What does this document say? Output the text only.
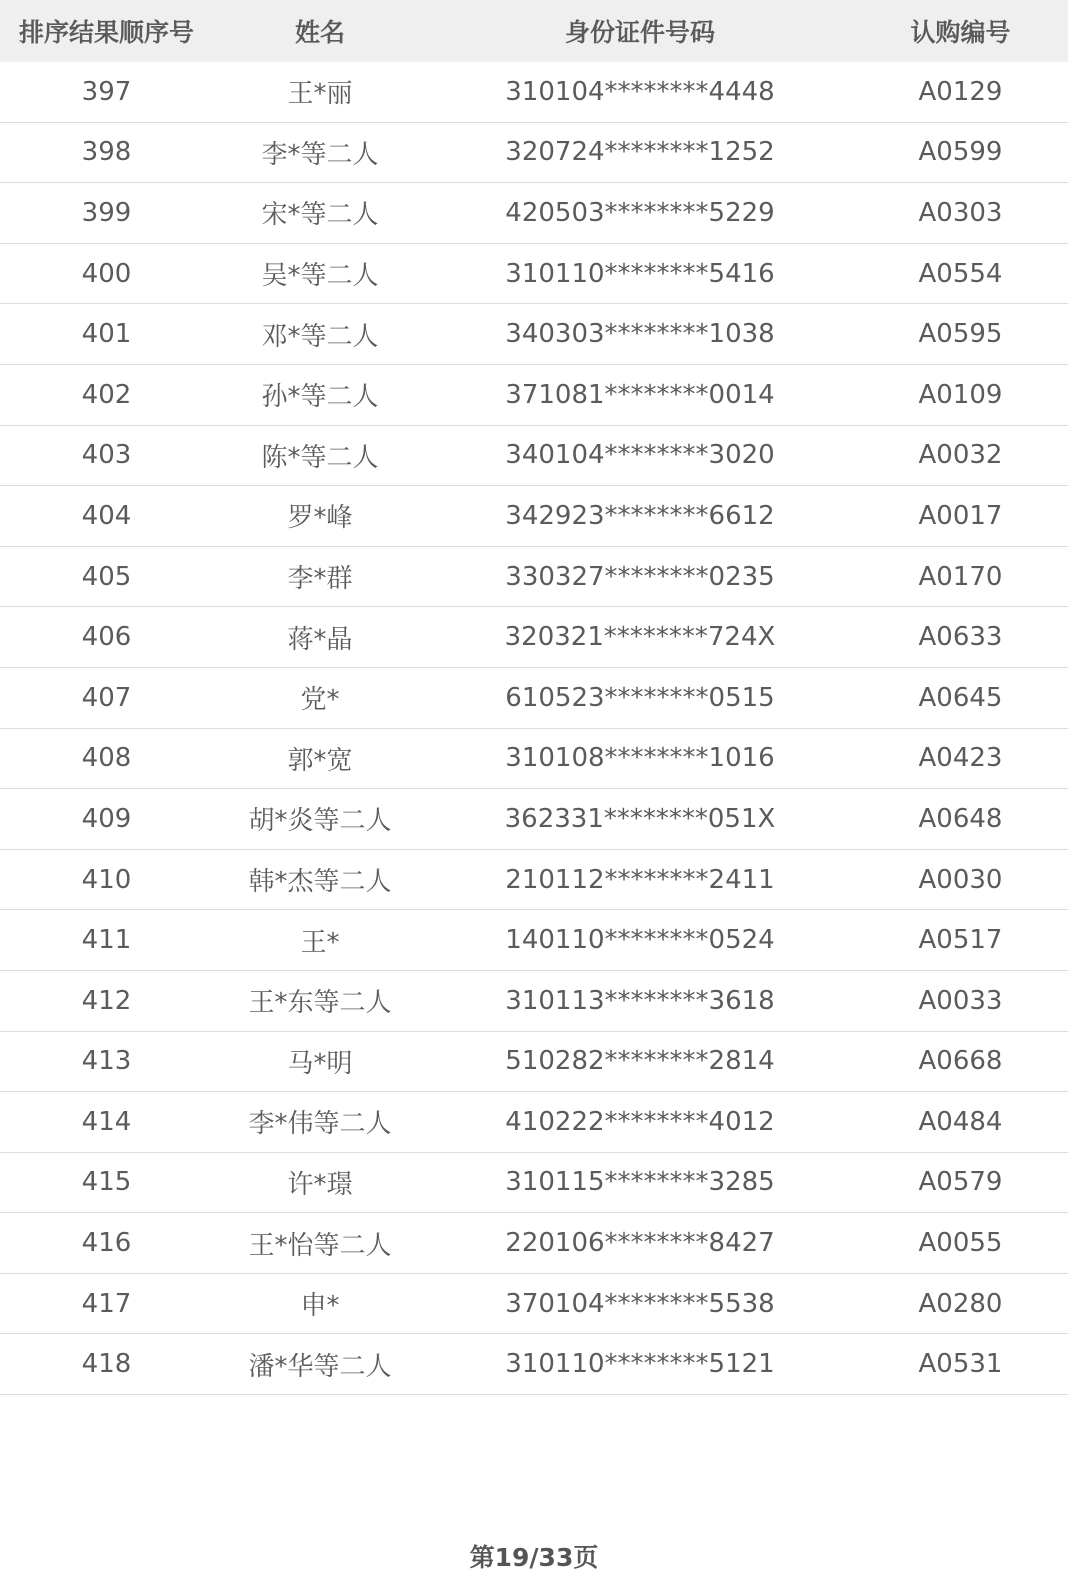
排序结果顺序号	姓名	身份证件号码	认购编号
397	王*丽	310104********4448	A0129
398	李*等二人	320724********1252	A0599
399	宋*等二人	420503********5229	A0303
400	吴*等二人	310110********5416	A0554
401	邓*等二人	340303********1038	A0595
402	孙*等二人	371081********0014	A0109
403	陈*等二人	340104********3020	A0032
404	罗*峰	342923********6612	A0017
405	李*群	330327********0235	A0170
406	蒋*晶	320321********724X	A0633
407	党*	610523********0515	A0645
408	郭*宽	310108********1016	A0423
409	胡*炎等二人	362331********051X	A0648
410	韩*杰等二人	210112********2411	A0030
411	王*	140110********0524	A0517
412	王*东等二人	310113********3618	A0033
413	马*明	510282********2814	A0668
414	李*伟等二人	410222********4012	A0484
415	许*璟	310115********3285	A0579
416	王*怡等二人	220106********8427	A0055
417	申*	370104********5538	A0280
418	潘*华等二人	310110********5121	A0531
第19/33页
